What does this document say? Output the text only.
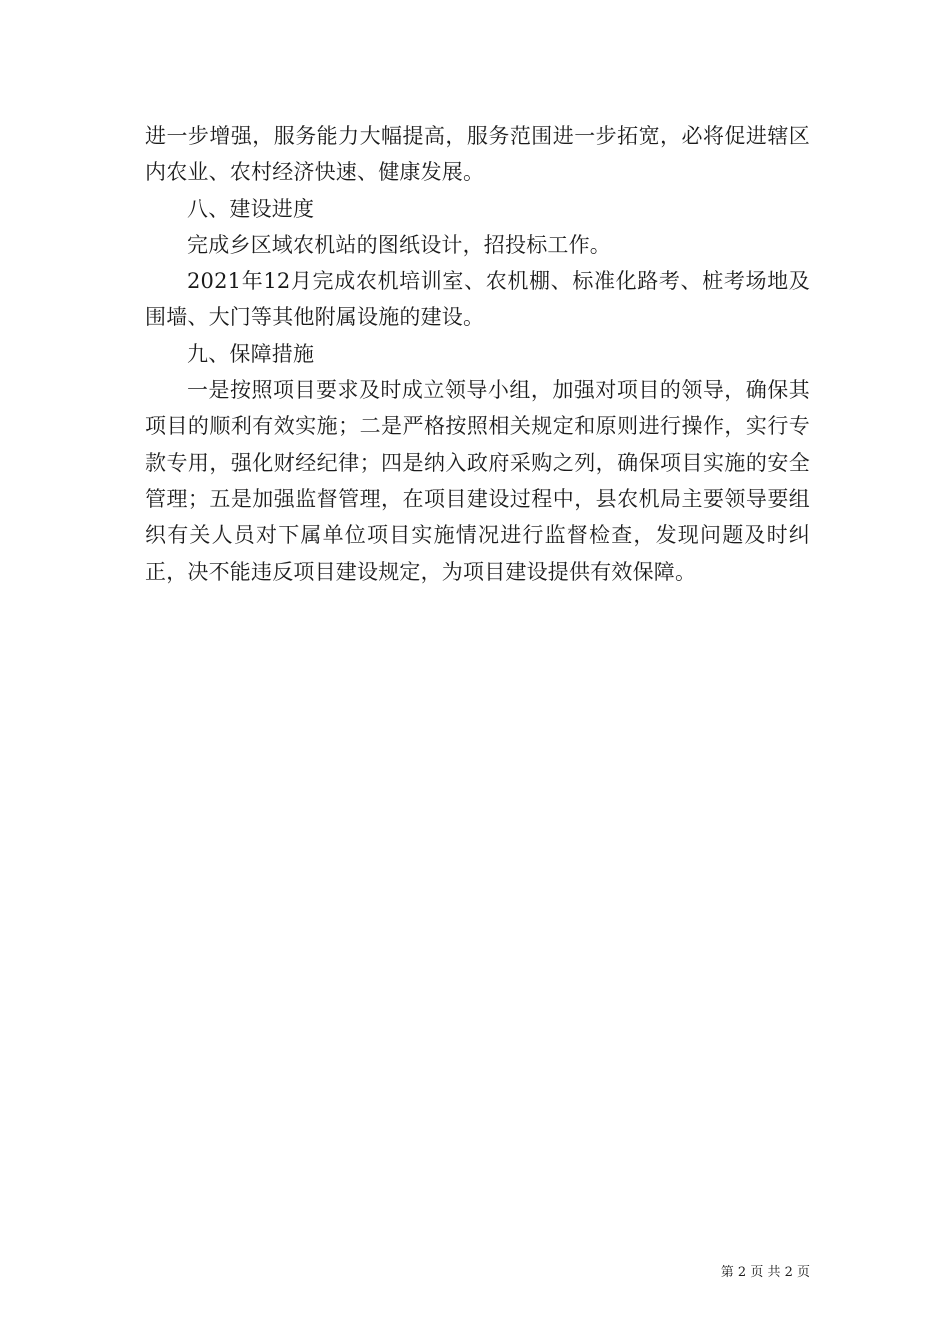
进一步增强，服务能力大幅提高，服务范围进一步拓宽，必将促进辖区内农业、农村经济快速、健康发展。

八、建设进度

完成乡区域农机站的图纸设计，招投标工作。

2021年12月完成农机培训室、农机棚、标准化路考、桩考场地及围墙、大门等其他附属设施的建设。

九、保障措施

一是按照项目要求及时成立领导小组，加强对项目的领导，确保其项目的顺利有效实施；二是严格按照相关规定和原则进行操作，实行专款专用，强化财经纪律；四是纳入政府采购之列，确保项目实施的安全管理；五是加强监督管理，在项目建设过程中，县农机局主要领导要组织有关人员对下属单位项目实施情况进行监督检查，发现问题及时纠正，决不能违反项目建设规定，为项目建设提供有效保障。

第 2 页 共 2 页
